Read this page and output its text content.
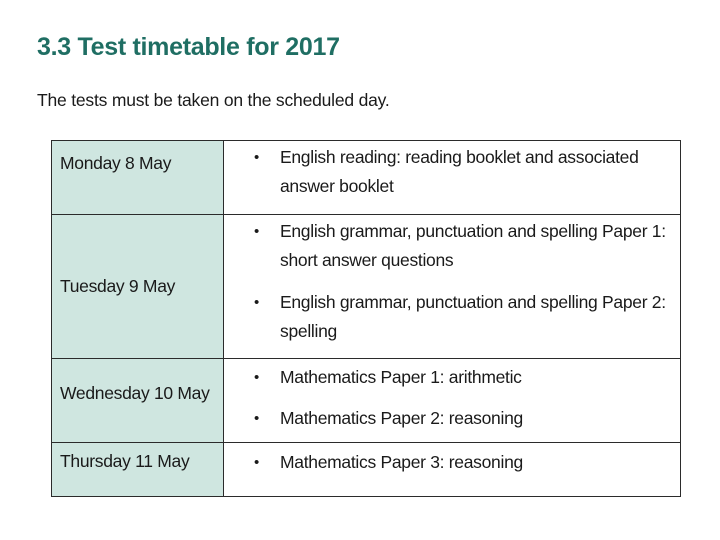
3.3 Test timetable for 2017
The tests must be taken on the scheduled day.
Monday 8 May	• English reading: reading booklet and associated answer booklet
Tuesday 9 May
• English grammar, punctuation and spelling Paper 1: short answer questions
• English grammar, punctuation and spelling Paper 2: spelling
Wednesday 10 May
• Mathematics Paper 1: arithmetic
• Mathematics Paper 2: reasoning
Thursday 11 May	• Mathematics Paper 3: reasoning
